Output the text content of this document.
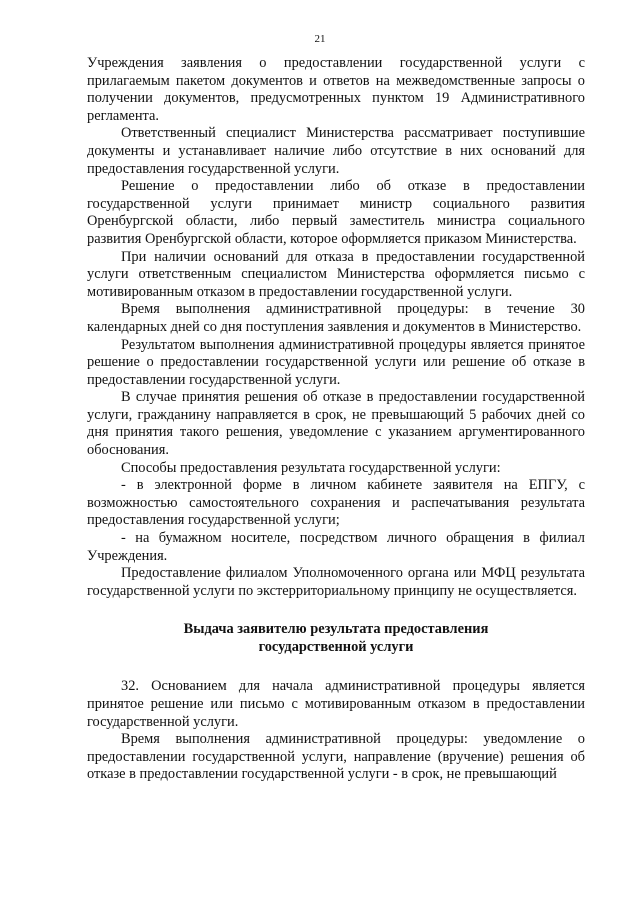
21

Учреждения заявления о предоставлении государственной услуги с прилагаемым пакетом документов и ответов на межведомственные запросы о получении документов, предусмотренных пунктом 19 Административного регламента.

Ответственный специалист Министерства рассматривает поступившие документы и устанавливает наличие либо отсутствие в них оснований для предоставления государственной услуги.

Решение о предоставлении либо об отказе в предоставлении государственной услуги принимает министр социального развития Оренбургской области, либо первый заместитель министра социального развития Оренбургской области, которое оформляется приказом Министерства.

При наличии оснований для отказа в предоставлении государственной услуги ответственным специалистом Министерства оформляется письмо с мотивированным отказом в предоставлении государственной услуги.

Время выполнения административной процедуры: в течение 30 календарных дней со дня поступления заявления и документов в Министерство.

Результатом выполнения административной процедуры является принятое решение о предоставлении государственной услуги или решение об отказе в предоставлении государственной услуги.

В случае принятия решения об отказе в предоставлении государственной услуги, гражданину направляется в срок, не превышающий 5 рабочих дней со дня принятия такого решения, уведомление с указанием аргументированного обоснования.

Способы предоставления результата государственной услуги:

- в электронной форме в личном кабинете заявителя на ЕПГУ, с возможностью самостоятельного сохранения и распечатывания результата предоставления государственной услуги;

- на бумажном носителе, посредством личного обращения в филиал Учреждения.

Предоставление филиалом Уполномоченного органа или МФЦ результата государственной услуги по экстерриториальному принципу не осуществляется.

Выдача заявителю результата предоставления
государственной услуги

32. Основанием для начала административной процедуры является принятое решение или письмо с мотивированным отказом в предоставлении государственной услуги.

Время выполнения административной процедуры: уведомление о предоставлении государственной услуги, направление (вручение) решения об отказе в предоставлении государственной услуги - в срок, не превышающий
